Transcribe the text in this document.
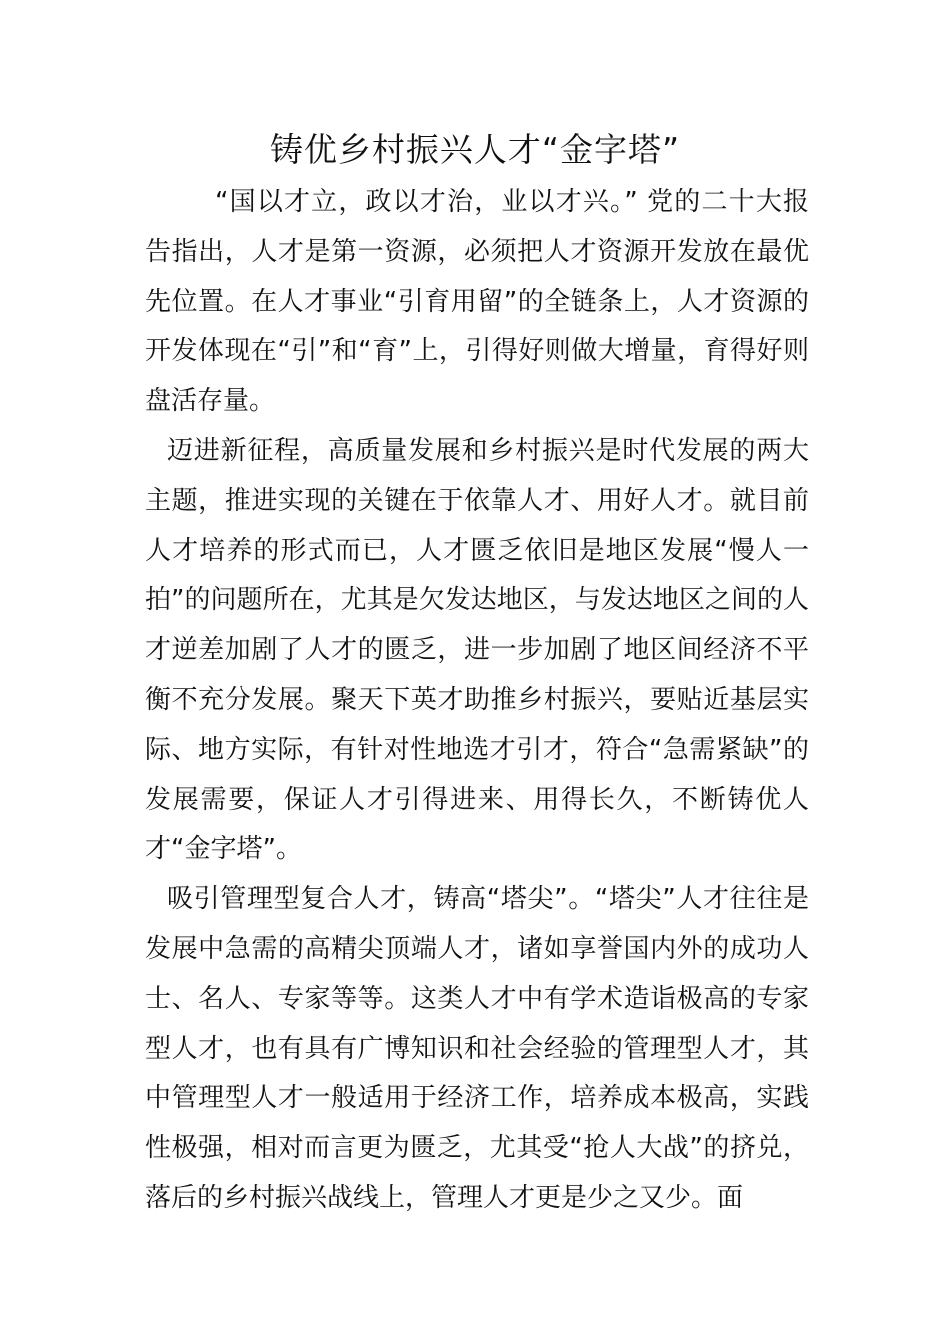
铸优乡村振兴人才“金字塔”

“国以才立，政以才治，业以才兴。” 党的二十大报告指出，人才是第一资源，必须把人才资源开发放在最优先位置。在人才事业“引育用留”的全链条上，人才资源的开发体现在“引”和“育”上，引得好则做大增量，育得好则盘活存量。

迈进新征程，高质量发展和乡村振兴是时代发展的两大主题，推进实现的关键在于依靠人才、用好人才。就目前人才培养的形式而已，人才匮乏依旧是地区发展“慢人一拍”的问题所在，尤其是欠发达地区，与发达地区之间的人才逆差加剧了人才的匮乏，进一步加剧了地区间经济不平衡不充分发展。聚天下英才助推乡村振兴，要贴近基层实际、地方实际，有针对性地选才引才，符合“急需紧缺”的发展需要，保证人才引得进来、用得长久，不断铸优人才“金字塔”。

吸引管理型复合人才，铸高“塔尖”。“塔尖”人才往往是发展中急需的高精尖顶端人才，诸如享誉国内外的成功人士、名人、专家等等。这类人才中有学术造诣极高的专家型人才，也有具有广博知识和社会经验的管理型人才，其中管理型人才一般适用于经济工作，培养成本极高，实践性极强，相对而言更为匮乏，尤其受“抢人大战”的挤兑，落后的乡村振兴战线上，管理人才更是少之又少。面
